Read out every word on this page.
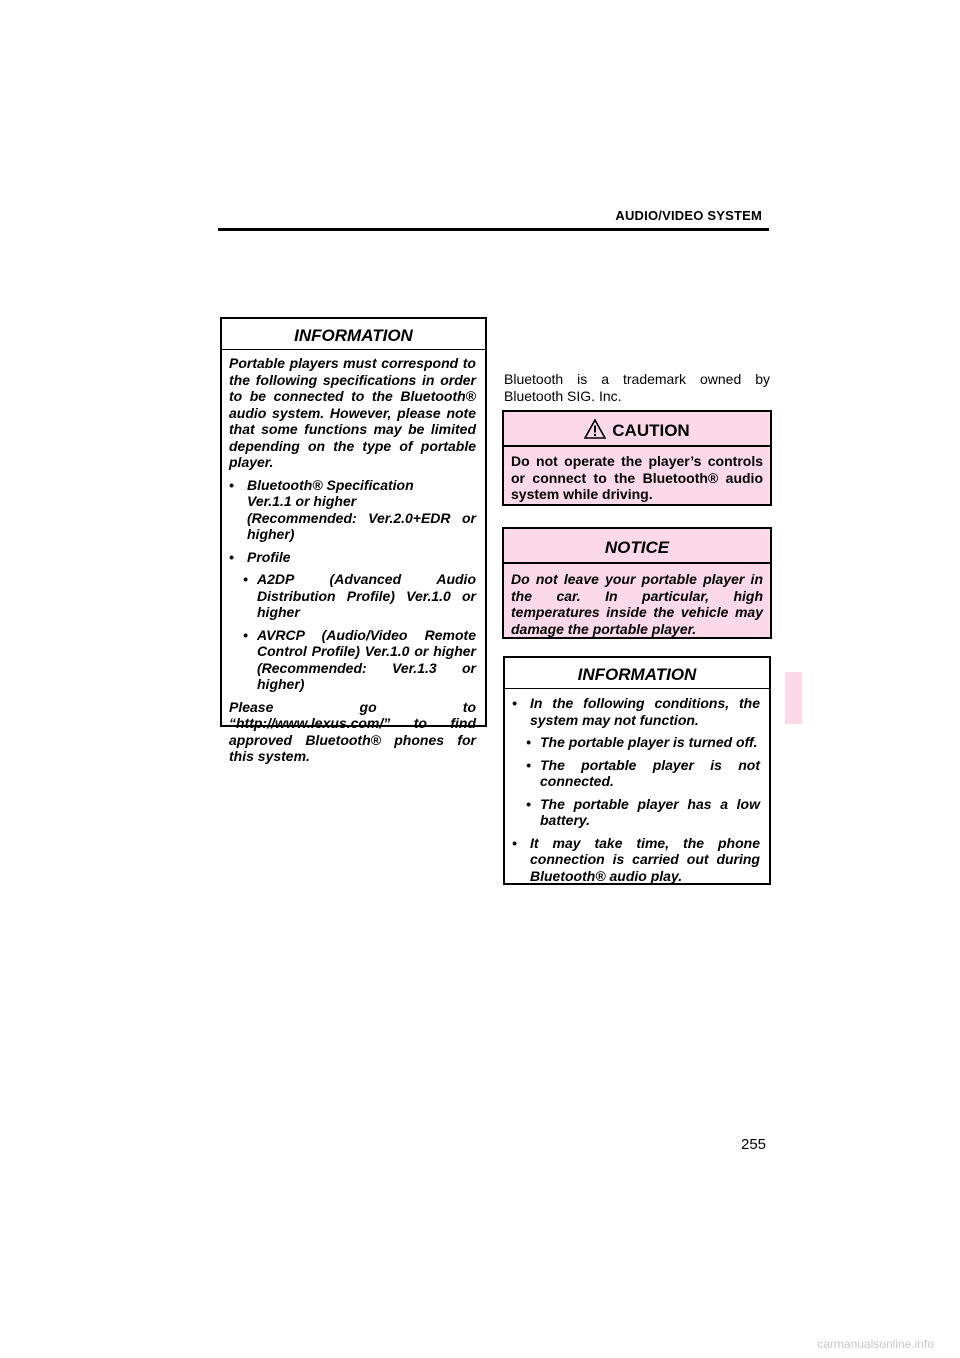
AUDIO/VIDEO SYSTEM
INFORMATION

Portable players must correspond to the following specifications in order to be connected to the Bluetooth® audio system. However, please note that some functions may be limited depending on the type of portable player.

• Bluetooth® Specification
Ver.1.1 or higher
(Recommended: Ver.2.0+EDR or higher)
• Profile
• A2DP (Advanced Audio Distribution Profile) Ver.1.0 or higher
• AVRCP (Audio/Video Remote Control Profile) Ver.1.0 or higher (Recommended: Ver.1.3 or higher)

Please go to “http://www.lexus.com/” to find approved Bluetooth® phones for this system.

Bluetooth is a trademark owned by Bluetooth SIG. Inc.
CAUTION
Do not operate the player’s controls or connect to the Bluetooth® audio system while driving.
NOTICE
Do not leave your portable player in the car. In particular, high temperatures inside the vehicle may damage the portable player.
INFORMATION
• In the following conditions, the system may not function.
• The portable player is turned off.
• The portable player is not connected.
• The portable player has a low battery.
• It may take time, the phone connection is carried out during Bluetooth® audio play.
255
carmanualsonline.info
